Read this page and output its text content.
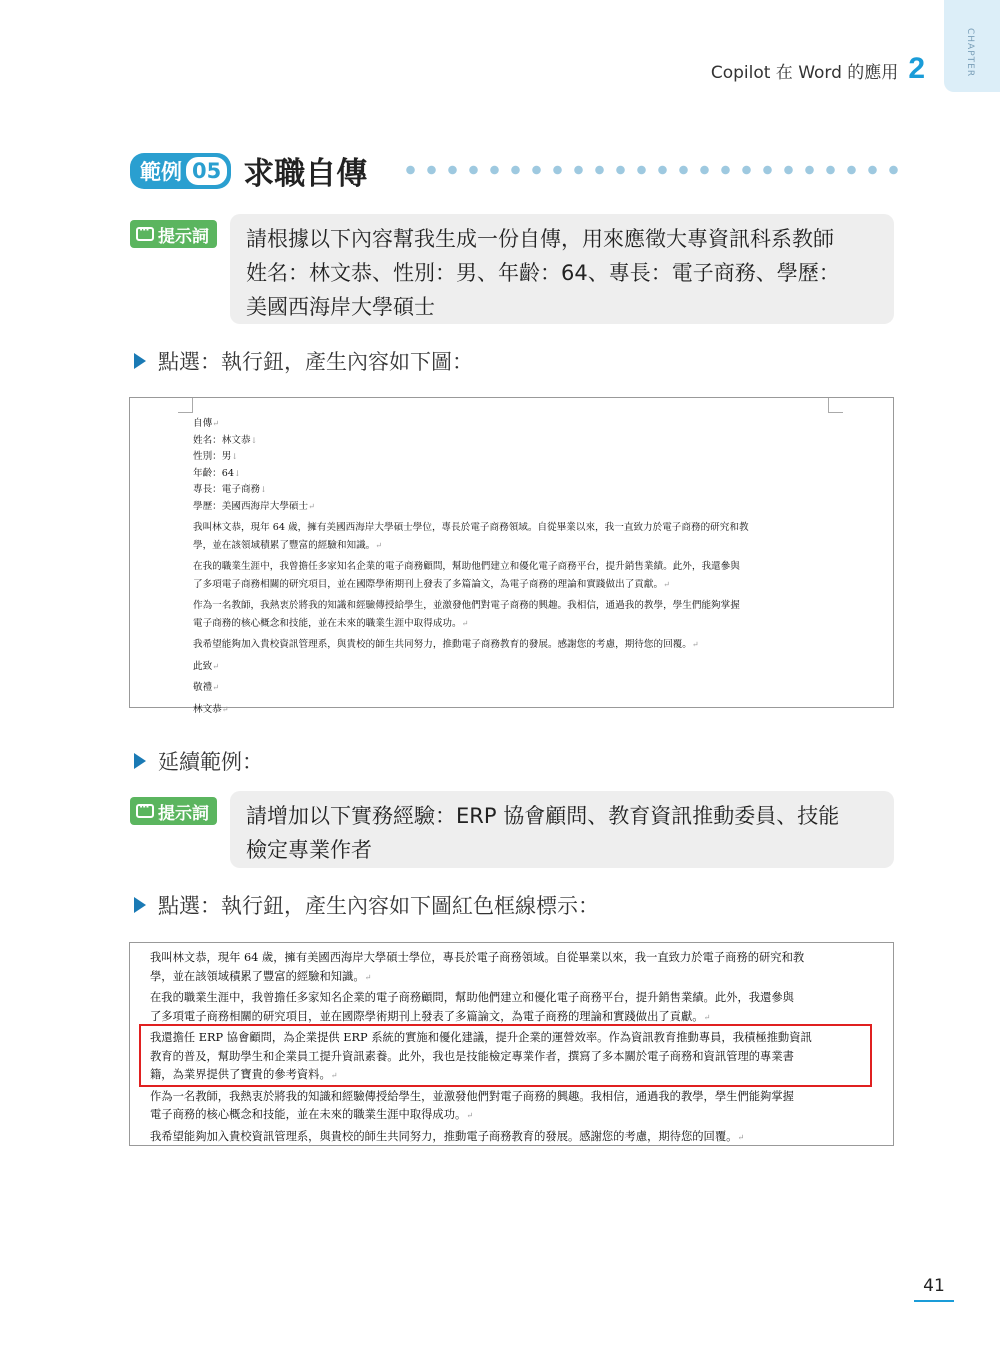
CHAPTER
Copilot 在 Word 的應用 2
範例 05 求職自傳
···
提示詞 請根據以下內容幫我生成一份自傳，用來應徵大專資訊科系教師
姓名：林文恭、性別：男、年齡：64、專長：電子商務、學歷：
美國西海岸大學碩士
點選：執行鈕，產生內容如下圖：

自傳↵

姓名：林文恭↓

性別：男↓

年齡：64↓

專長：電子商務↓

學歷：美國西海岸大學碩士↵

我叫林文恭，現年 64 歲，擁有美國西海岸大學碩士學位，專長於電子商務領域。自從畢業以來，我一直致力於電子商務的研究和教
學，並在該領域積累了豐富的經驗和知識。↵

在我的職業生涯中，我曾擔任多家知名企業的電子商務顧問，幫助他們建立和優化電子商務平台，提升銷售業績。此外，我還參與
了多項電子商務相關的研究項目，並在國際學術期刊上發表了多篇論文，為電子商務的理論和實踐做出了貢獻。↵

作為一名教師，我熱衷於將我的知識和經驗傳授給學生，並激發他們對電子商務的興趣。我相信，通過我的教學，學生們能夠掌握
電子商務的核心概念和技能，並在未來的職業生涯中取得成功。↵

我希望能夠加入貴校資訊管理系，與貴校的師生共同努力，推動電子商務教育的發展。感謝您的考慮，期待您的回覆。↵

此致↵

敬禮↵

林文恭↵

延續範例：
···
提示詞 請增加以下實務經驗：ERP 協會顧問、教育資訊推動委員、技能
檢定專業作者
點選：執行鈕，產生內容如下圖紅色框線標示：

我叫林文恭，現年 64 歲，擁有美國西海岸大學碩士學位，專長於電子商務領域。自從畢業以來，我一直致力於電子商務的研究和教
學，並在該領域積累了豐富的經驗和知識。↵

在我的職業生涯中，我曾擔任多家知名企業的電子商務顧問，幫助他們建立和優化電子商務平台，提升銷售業績。此外，我還參與
了多項電子商務相關的研究項目，並在國際學術期刊上發表了多篇論文，為電子商務的理論和實踐做出了貢獻。↵

我還擔任 ERP 協會顧問，為企業提供 ERP 系統的實施和優化建議，提升企業的運營效率。作為資訊教育推動專員，我積極推動資訊
教育的普及，幫助學生和企業員工提升資訊素養。此外，我也是技能檢定專業作者，撰寫了多本關於電子商務和資訊管理的專業書
籍，為業界提供了寶貴的參考資料。↵

作為一名教師，我熱衷於將我的知識和經驗傳授給學生，並激發他們對電子商務的興趣。我相信，通過我的教學，學生們能夠掌握
電子商務的核心概念和技能，並在未來的職業生涯中取得成功。↵

我希望能夠加入貴校資訊管理系，與貴校的師生共同努力，推動電子商務教育的發展。感謝您的考慮，期待您的回覆。↵

41
